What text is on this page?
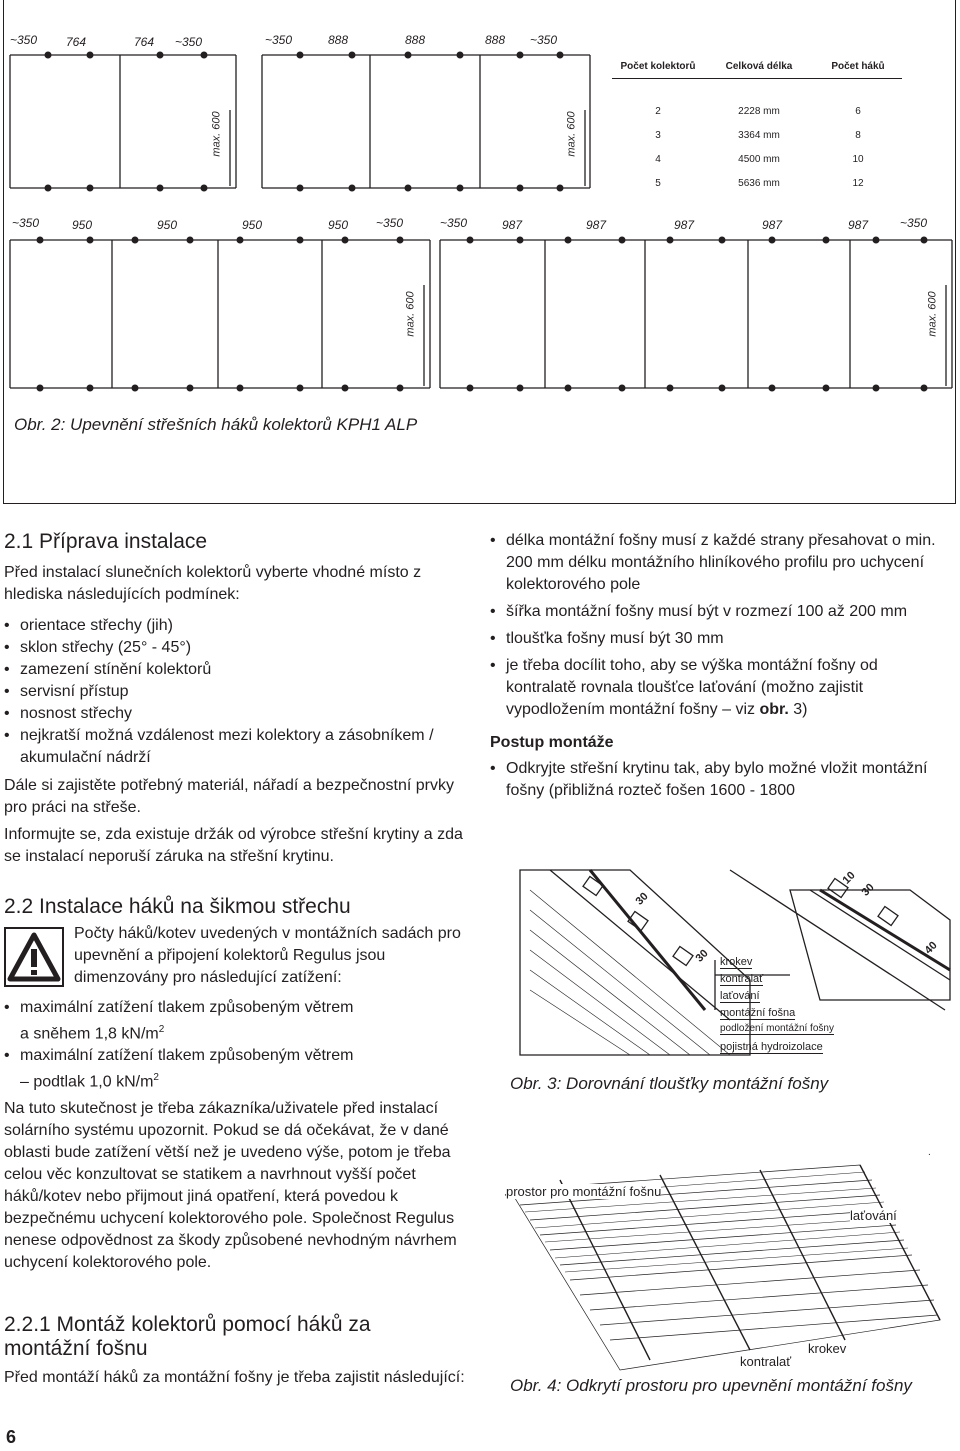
~350 764	764 ~350	~350	888	888	888 ~350
max. 600	max. 600
max. 600	max. 600
Počet kolektorů	Celková délka	Počet háků
2	2228 mm	6
3	3364 mm	8
4	4500 mm	10
5	5636 mm	12
~350	950	950	950	950 ~350	~350	987	987	987	987	987	~350
Obr. 2: Upevnění střešních háků kolektorů KPH1 ALP
2.1 Příprava instalace

Před instalací slunečních kolektorů vyberte vhodné místo z hlediska následujících podmínek:

• orientace střechy (jih)
• sklon střechy (25° - 45°)
• zamezení stínění kolektorů
• servisní přístup
• nosnost střechy
• nejkratší možná vzdálenost mezi kolektory a zásobníkem / akumulační nádrží

Dále si zajistěte potřebný materiál, nářadí a bezpečnostní prvky pro práci na střeše.

Informujte se, zda existuje držák od výrobce střešní krytiny a zda se instalací neporuší záruka na střešní krytinu.

2.2 Instalace háků na šikmou střechu

Počty háků/kotev uvedených v montážních sadách pro upevnění a připojení kolektorů Regulus jsou dimenzovány pro následující zatížení:

• maximální zatížení tlakem způsobeným větrem
a sněhem 1,8 $kN/m^2$
• maximální zatížení tlakem způsobeným větrem
– podtlak 1,0 $kN/m^2$

Na tuto skutečnost je třeba zákazníka/uživatele před instalací solárního systému upozornit. Pokud se dá očekávat, že v dané oblasti bude zatížení větší než je uvedeno výše, potom je třeba celou věc konzultovat se statikem a navrhnout vyšší počet háků/kotev nebo přijmout jiná opatření, která povedou k bezpečnému uchycení kolektorového pole. Společnost Regulus nenese odpovědnost za škody způsobené nevhodným návrhem uchycení kolektorového pole.

2.2.1 Montáž kolektorů pomocí háků za
montážní fošnu

Před montáží háků za montážní fošny je třeba zajistit následující:

6
• délka montážní fošny musí z každé strany přesahovat o min. 200 mm délku montážního hliníkového profilu pro uchycení kolektorového pole
• šířka montážní fošny musí být v rozmezí 100 až 200 mm
• tloušťka fošny musí být 30 mm
• je třeba docílit toho, aby se výška montážní fošny od kontralatě rovnala tloušťce laťování (možno zajistit vypodložením montážní fošny – viz obr. 3)
Postup montáže
• Odkryjte střešní krytinu tak, aby bylo možné vložit montážní fošny (přibližná rozteč fošen 1600 - 1800
30
30
10
30
40
krokev
kontralať
laťování
montážní fošna
podložení montážní fošny
pojistná hydroizolace
Obr. 3: Dorovnání tloušťky montážní fošny
.
prostor pro montážní fošnu
laťování
krokev
kontralať
Obr. 4: Odkrytí prostoru pro upevnění montážní fošny
